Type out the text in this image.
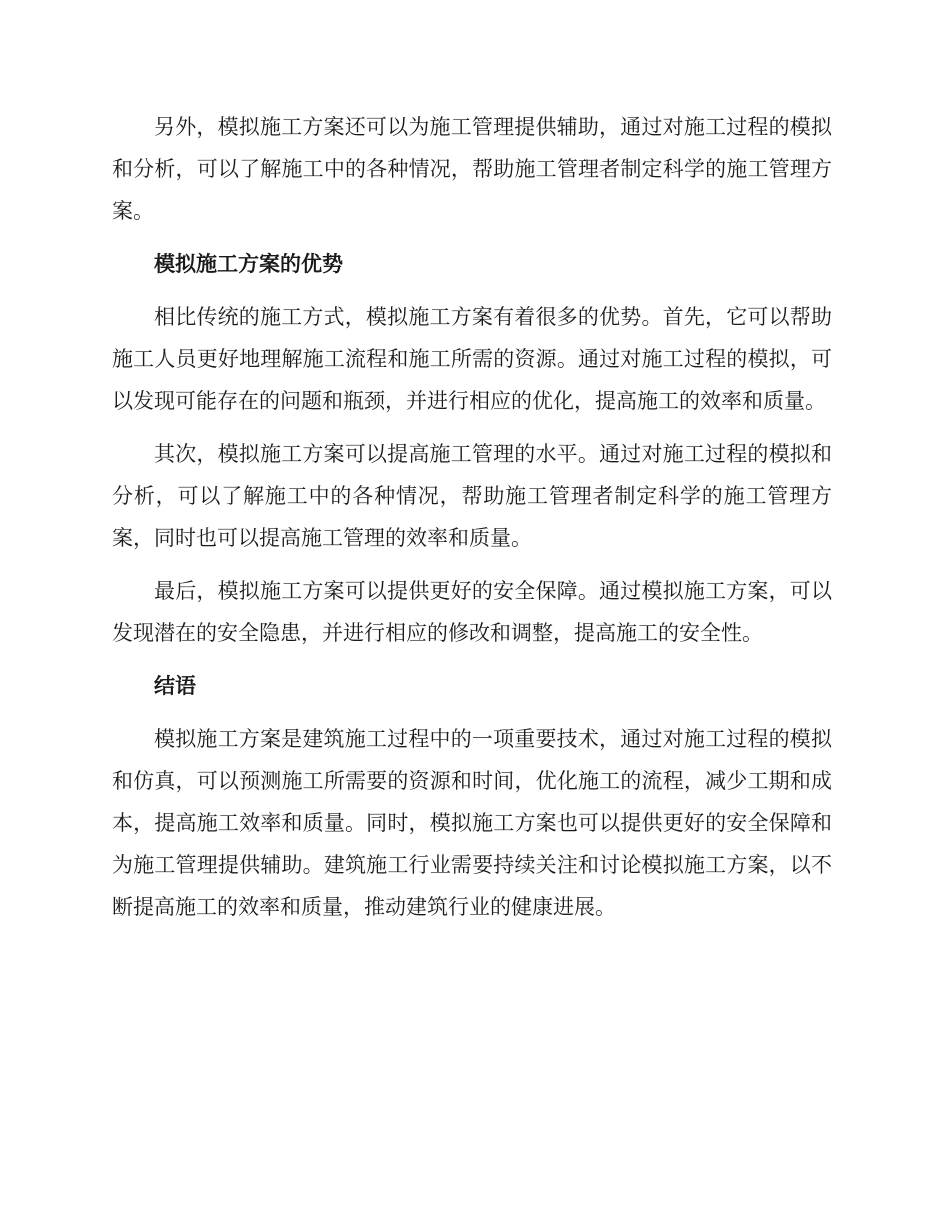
另外，模拟施工方案还可以为施工管理提供辅助，通过对施工过程的模拟和分析，可以了解施工中的各种情况，帮助施工管理者制定科学的施工管理方案。

模拟施工方案的优势

相比传统的施工方式，模拟施工方案有着很多的优势。首先，它可以帮助施工人员更好地理解施工流程和施工所需的资源。通过对施工过程的模拟，可以发现可能存在的问题和瓶颈，并进行相应的优化，提高施工的效率和质量。

其次，模拟施工方案可以提高施工管理的水平。通过对施工过程的模拟和分析，可以了解施工中的各种情况，帮助施工管理者制定科学的施工管理方案，同时也可以提高施工管理的效率和质量。

最后，模拟施工方案可以提供更好的安全保障。通过模拟施工方案，可以发现潜在的安全隐患，并进行相应的修改和调整，提高施工的安全性。

结语

模拟施工方案是建筑施工过程中的一项重要技术，通过对施工过程的模拟和仿真，可以预测施工所需要的资源和时间，优化施工的流程，减少工期和成本，提高施工效率和质量。同时，模拟施工方案也可以提供更好的安全保障和为施工管理提供辅助。建筑施工行业需要持续关注和讨论模拟施工方案，以不断提高施工的效率和质量，推动建筑行业的健康进展。
